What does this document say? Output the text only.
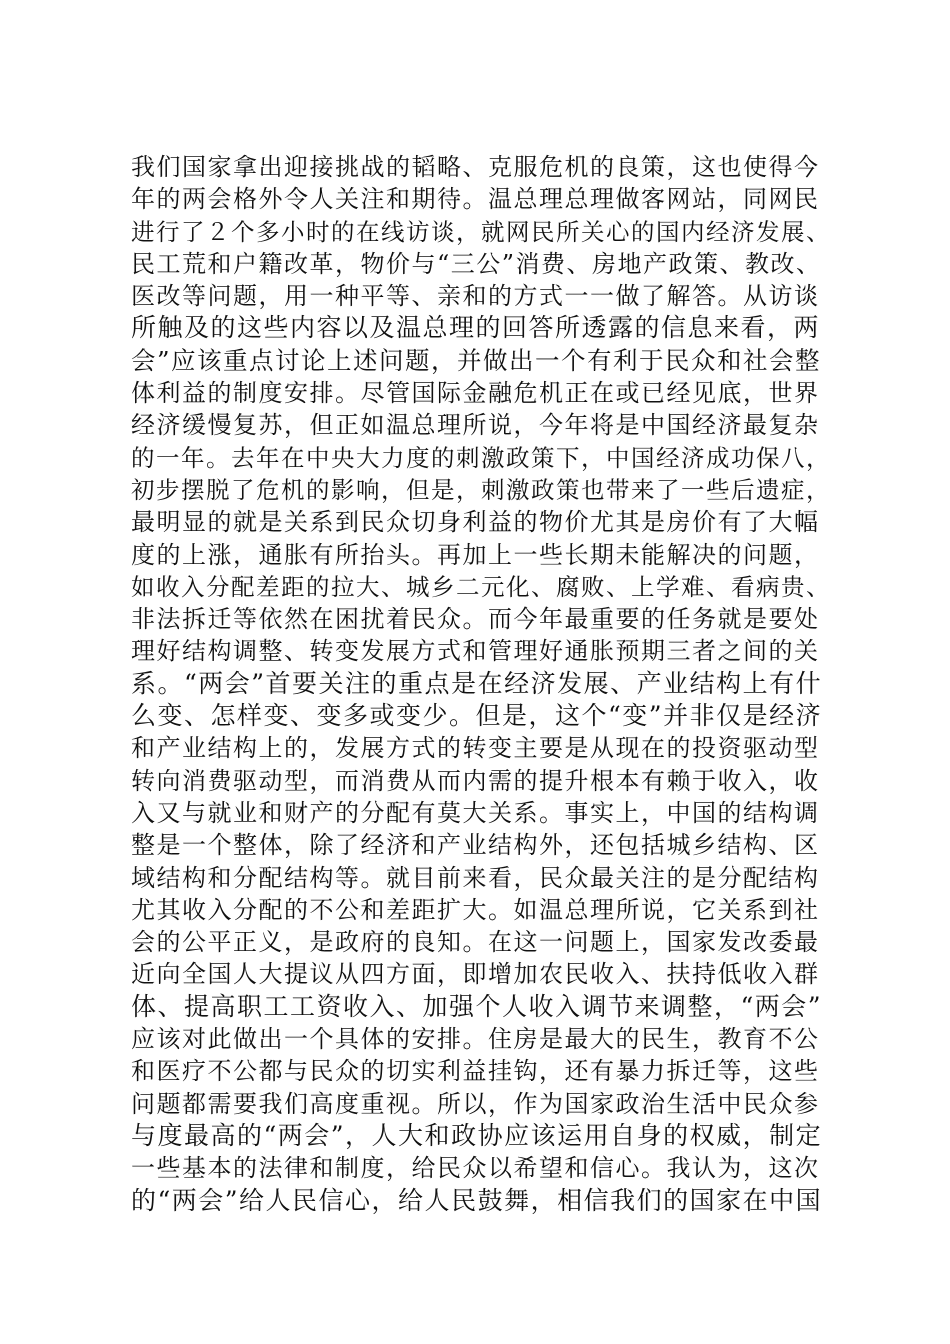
我们国家拿出迎接挑战的韬略、克服危机的良策，这也使得今
年的两会格外令人关注和期待。温总理总理做客网站，同网民
进行了２个多小时的在线访谈，就网民所关心的国内经济发展、
民工荒和户籍改革，物价与“三公”消费、房地产政策、教改、
医改等问题，用一种平等、亲和的方式一一做了解答。从访谈
所触及的这些内容以及温总理的回答所透露的信息来看，两
会”应该重点讨论上述问题，并做出一个有利于民众和社会整
体利益的制度安排。尽管国际金融危机正在或已经见底，世界
经济缓慢复苏，但正如温总理所说，今年将是中国经济最复杂
的一年。去年在中央大力度的刺激政策下，中国经济成功保八，
初步摆脱了危机的影响，但是，刺激政策也带来了一些后遗症，
最明显的就是关系到民众切身利益的物价尤其是房价有了大幅
度的上涨，通胀有所抬头。再加上一些长期未能解决的问题，
如收入分配差距的拉大、城乡二元化、腐败、上学难、看病贵、
非法拆迁等依然在困扰着民众。而今年最重要的任务就是要处
理好结构调整、转变发展方式和管理好通胀预期三者之间的关
系。“两会”首要关注的重点是在经济发展、产业结构上有什
么变、怎样变、变多或变少。但是，这个“变”并非仅是经济
和产业结构上的，发展方式的转变主要是从现在的投资驱动型
转向消费驱动型，而消费从而内需的提升根本有赖于收入，收
入又与就业和财产的分配有莫大关系。事实上，中国的结构调
整是一个整体，除了经济和产业结构外，还包括城乡结构、区
域结构和分配结构等。就目前来看，民众最关注的是分配结构
尤其收入分配的不公和差距扩大。如温总理所说，它关系到社
会的公平正义，是政府的良知。在这一问题上，国家发改委最
近向全国人大提议从四方面，即增加农民收入、扶持低收入群
体、提高职工工资收入、加强个人收入调节来调整，“两会”
应该对此做出一个具体的安排。住房是最大的民生，教育不公
和医疗不公都与民众的切实利益挂钩，还有暴力拆迁等，这些
问题都需要我们高度重视。所以，作为国家政治生活中民众参
与度最高的“两会”，人大和政协应该运用自身的权威，制定
一些基本的法律和制度，给民众以希望和信心。我认为，这次
的“两会”给人民信心，给人民鼓舞，相信我们的国家在中国
